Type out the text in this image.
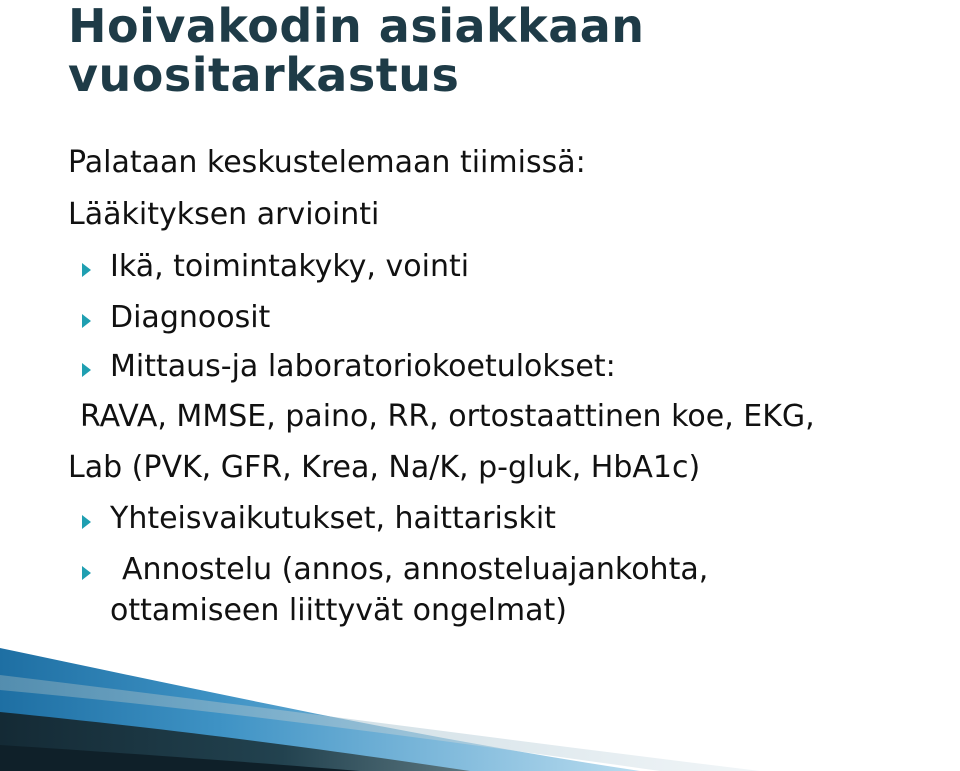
Hoivakodin asiakkaan
vuositarkastus
Palataan keskustelemaan tiimissä:
Lääkityksen arviointi
Ikä, toimintakyky, vointi
Diagnoosit
Mittaus-ja laboratoriokoetulokset:
RAVA, MMSE, paino, RR, ortostaattinen koe, EKG,
Lab (PVK, GFR, Krea, Na/K, p-gluk, HbA1c)
Yhteisvaikutukset, haittariskit
Annostelu (annos, annosteluajankohta,
ottamiseen liittyvät ongelmat)
